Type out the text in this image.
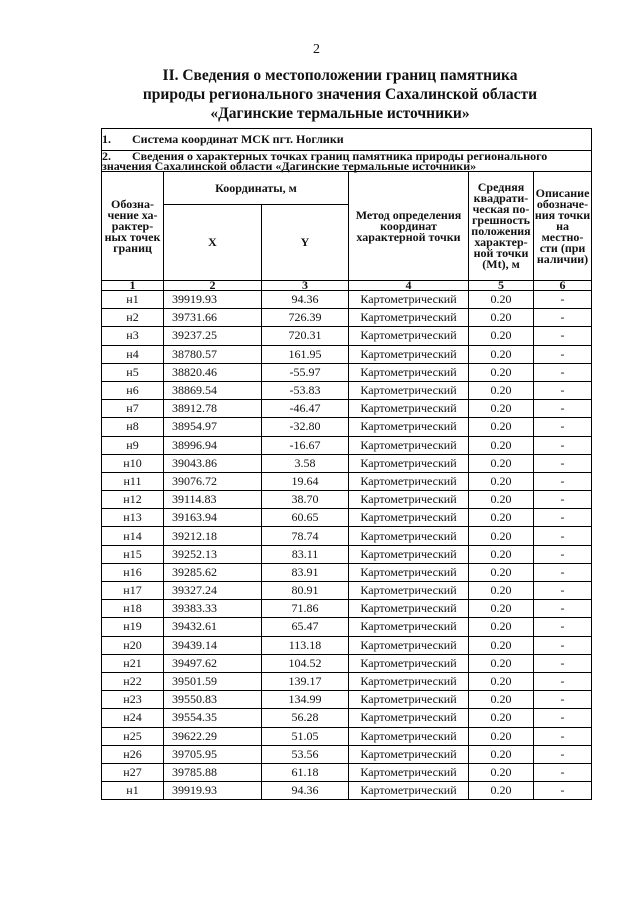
2
II. Сведения о местоположении границ памятника
природы регионального значения Сахалинской области
«Дагинские термальные источники»
1. Система координат МСК пгт. Ноглики					
2. Сведения о характерных точках границ памятника природы регионального значения Сахалинской области «Дагинские термальные источники»					
Обозна-чение ха-рактер-ных точек границ	Координаты, м		Метод определения координат характерной точки	Средняя квадрати-ческая по-грешность положения характер-ной точки (Mt), м	Описание обозначе-ния точки на местно-сти (при наличии)
	X	Y			
1	2	3	4	5	6
н1	39919.93	94.36	Картометрический	0.20	-
н2	39731.66	726.39	Картометрический	0.20	-
н3	39237.25	720.31	Картометрический	0.20	-
н4	38780.57	161.95	Картометрический	0.20	-
н5	38820.46	-55.97	Картометрический	0.20	-
н6	38869.54	-53.83	Картометрический	0.20	-
н7	38912.78	-46.47	Картометрический	0.20	-
н8	38954.97	-32.80	Картометрический	0.20	-
н9	38996.94	-16.67	Картометрический	0.20	-
н10	39043.86	3.58	Картометрический	0.20	-
н11	39076.72	19.64	Картометрический	0.20	-
н12	39114.83	38.70	Картометрический	0.20	-
н13	39163.94	60.65	Картометрический	0.20	-
н14	39212.18	78.74	Картометрический	0.20	-
н15	39252.13	83.11	Картометрический	0.20	-
н16	39285.62	83.91	Картометрический	0.20	-
н17	39327.24	80.91	Картометрический	0.20	-
н18	39383.33	71.86	Картометрический	0.20	-
н19	39432.61	65.47	Картометрический	0.20	-
н20	39439.14	113.18	Картометрический	0.20	-
н21	39497.62	104.52	Картометрический	0.20	-
н22	39501.59	139.17	Картометрический	0.20	-
н23	39550.83	134.99	Картометрический	0.20	-
н24	39554.35	56.28	Картометрический	0.20	-
н25	39622.29	51.05	Картометрический	0.20	-
н26	39705.95	53.56	Картометрический	0.20	-
н27	39785.88	61.18	Картометрический	0.20	-
н1	39919.93	94.36	Картометрический	0.20	-
